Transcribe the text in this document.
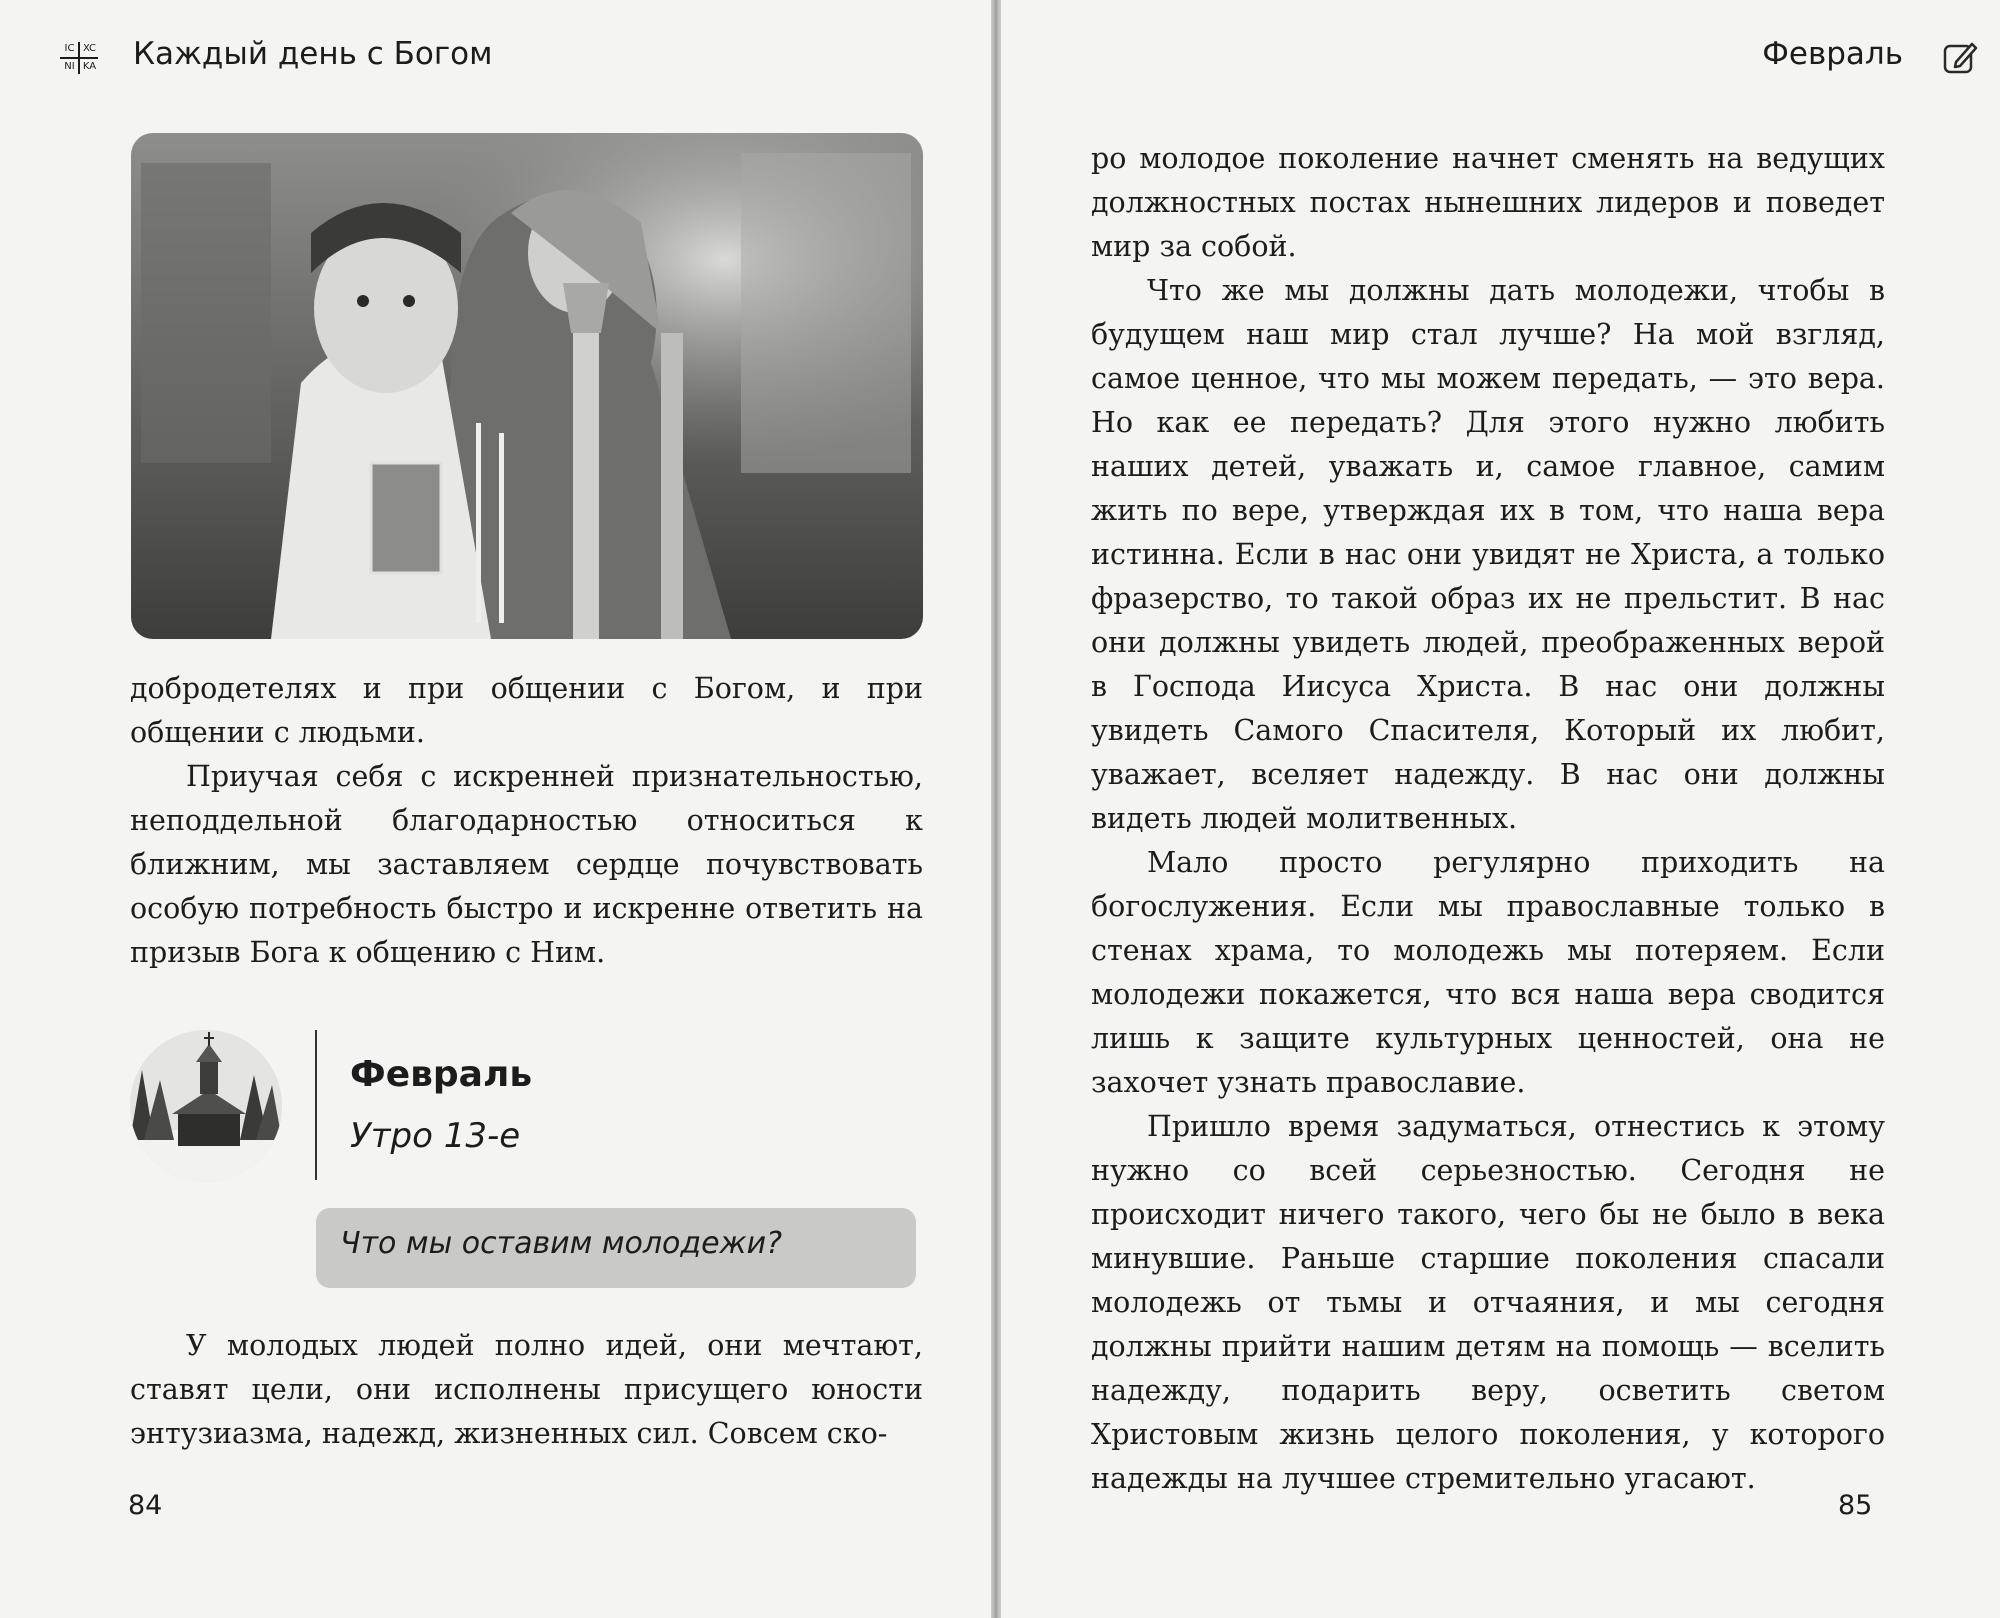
IC XC
NI KA Каждый день с Богом

добродетелях и при общении с Богом, и при общении с людьми.

Приучая себя с искренней признательностью, неподдельной благодарностью относиться к ближним, мы заставляем сердце почувствовать особую потребность быстро и искренне ответить на призыв Бога к общению с Ним.

Февраль
Утро 13-е
Что мы оставим молодежи?

У молодых людей полно идей, они мечтают, ставят цели, они исполнены присущего юности энтузиазма, надежд, жизненных сил. Совсем ско-

84
Февраль

ро молодое поколение начнет сменять на ведущих должностных постах нынешних лидеров и поведет мир за собой.

Что же мы должны дать молодежи, чтобы в будущем наш мир стал лучше? На мой взгляд, самое ценное, что мы можем передать, — это вера. Но как ее передать? Для этого нужно любить наших детей, уважать и, самое главное, самим жить по вере, утверждая их в том, что наша вера истинна. Если в нас они увидят не Христа, а только фразерство, то такой образ их не прельстит. В нас они должны увидеть людей, преображенных верой в Господа Иисуса Христа. В нас они должны увидеть Самого Спасителя, Который их любит, уважает, вселяет надежду. В нас они должны видеть людей молитвенных.

Мало просто регулярно приходить на богослужения. Если мы православные только в стенах храма, то молодежь мы потеряем. Если молодежи покажется, что вся наша вера сводится лишь к защите культурных ценностей, она не захочет узнать православие.

Пришло время задуматься, отнестись к этому нужно со всей серьезностью. Сегодня не происходит ничего такого, чего бы не было в века минувшие. Раньше старшие поколения спасали молодежь от тьмы и отчаяния, и мы сегодня должны прийти нашим детям на помощь — вселить надежду, подарить веру, осветить светом Христовым жизнь целого поколения, у которого надежды на лучшее стремительно угасают.

85
